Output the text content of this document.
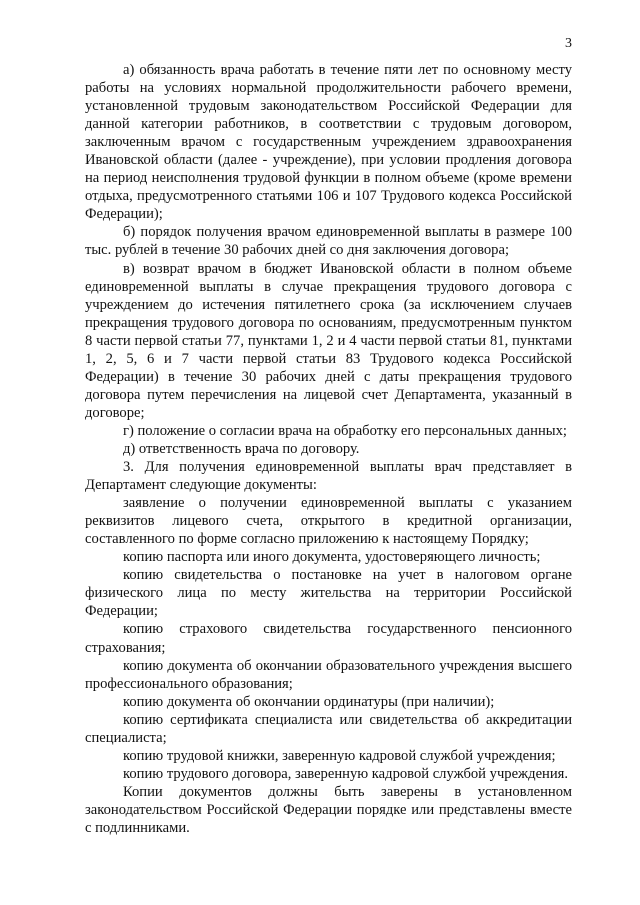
3

а) обязанность врача работать в течение пяти лет по основному месту работы на условиях нормальной продолжительности рабочего времени, установленной трудовым законодательством Российской Федерации для данной категории работников, в соответствии с трудовым договором, заключенным врачом с государственным учреждением здравоохранения Ивановской области (далее - учреждение), при условии продления договора на период неисполнения трудовой функции в полном объеме (кроме времени отдыха, предусмотренного статьями 106 и 107 Трудового кодекса Российской Федерации);

б) порядок получения врачом единовременной выплаты в размере 100 тыс. рублей в течение 30 рабочих дней со дня заключения договора;

в) возврат врачом в бюджет Ивановской области в полном объеме единовременной выплаты в случае прекращения трудового договора с учреждением до истечения пятилетнего срока (за исключением случаев прекращения трудового договора по основаниям, предусмотренным пунктом 8 части первой статьи 77, пунктами 1, 2 и 4 части первой статьи 81, пунктами 1, 2, 5, 6 и 7 части первой статьи 83 Трудового кодекса Российской Федерации) в течение 30 рабочих дней с даты прекращения трудового договора путем перечисления на лицевой счет Департамента, указанный в договоре;

г) положение о согласии врача на обработку его персональных данных;

д) ответственность врача по договору.

3. Для получения единовременной выплаты врач представляет в Департамент следующие документы:

заявление о получении единовременной выплаты с указанием реквизитов лицевого счета, открытого в кредитной организации, составленного по форме согласно приложению к настоящему Порядку;

копию паспорта или иного документа, удостоверяющего личность;

копию свидетельства о постановке на учет в налоговом органе физического лица по месту жительства на территории Российской Федерации;

копию страхового свидетельства государственного пенсионного страхования;

копию документа об окончании образовательного учреждения высшего профессионального образования;

копию документа об окончании ординатуры (при наличии);

копию сертификата специалиста или свидетельства об аккредитации специалиста;

копию трудовой книжки, заверенную кадровой службой учреждения;

копию трудового договора, заверенную кадровой службой учреждения.

Копии документов должны быть заверены в установленном законодательством Российской Федерации порядке или представлены вместе с подлинниками.
